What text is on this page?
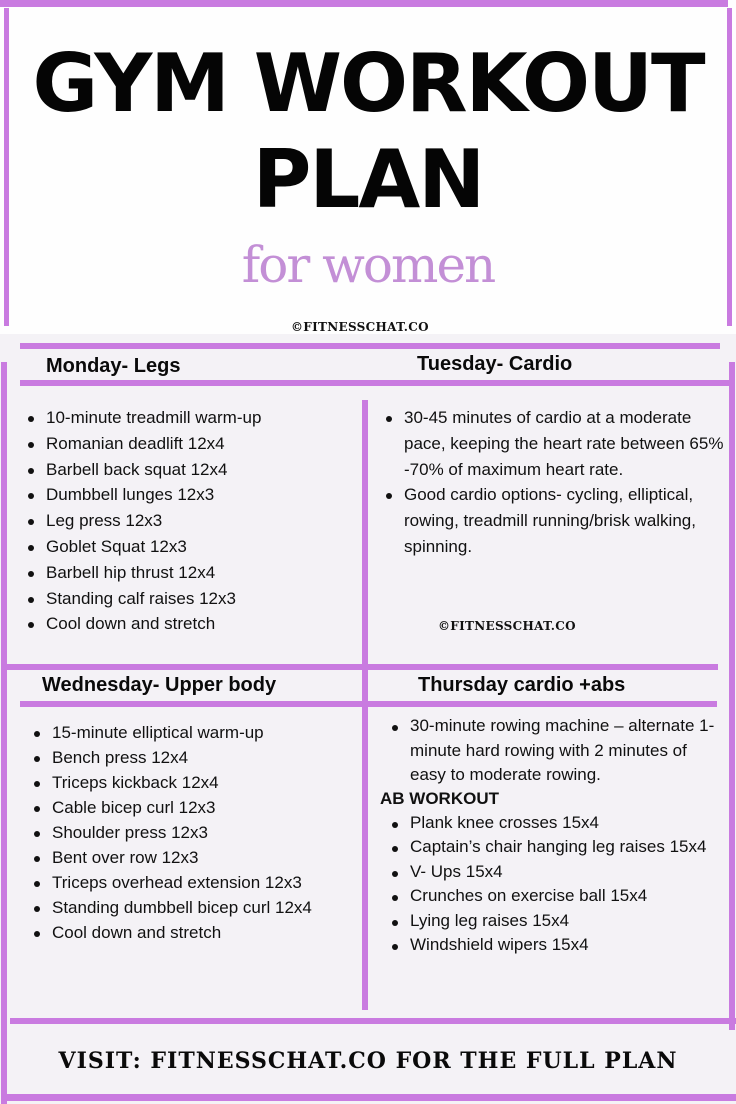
GYM WORKOUT
PLAN
for women
©FITNESSCHAT.CO
Monday- Legs
10-minute treadmill warm-up
Romanian deadlift 12x4
Barbell back squat 12x4
Dumbbell lunges 12x3
Leg press 12x3
Goblet Squat 12x3
Barbell hip thrust 12x4
Standing calf raises 12x3
Cool down and stretch
Tuesday- Cardio
30-45 minutes of cardio at a moderate pace, keeping the heart rate between 65% -70% of maximum heart rate.
Good cardio options- cycling, elliptical, rowing, treadmill running/brisk walking, spinning.
©FITNESSCHAT.CO
Wednesday- Upper body
15-minute elliptical warm-up
Bench press 12x4
Triceps kickback 12x4
Cable bicep curl 12x3
Shoulder press 12x3
Bent over row 12x3
Triceps overhead extension 12x3
Standing dumbbell bicep curl 12x4
Cool down and stretch
Thursday cardio +abs
30-minute rowing machine – alternate 1-minute hard rowing with 2 minutes of easy to moderate rowing.
AB WORKOUT
Plank knee crosses 15x4
Captain’s chair hanging leg raises 15x4
V- Ups 15x4
Crunches on exercise ball 15x4
Lying leg raises 15x4
Windshield wipers 15x4
VISIT: FITNESSCHAT.CO FOR THE FULL PLAN
